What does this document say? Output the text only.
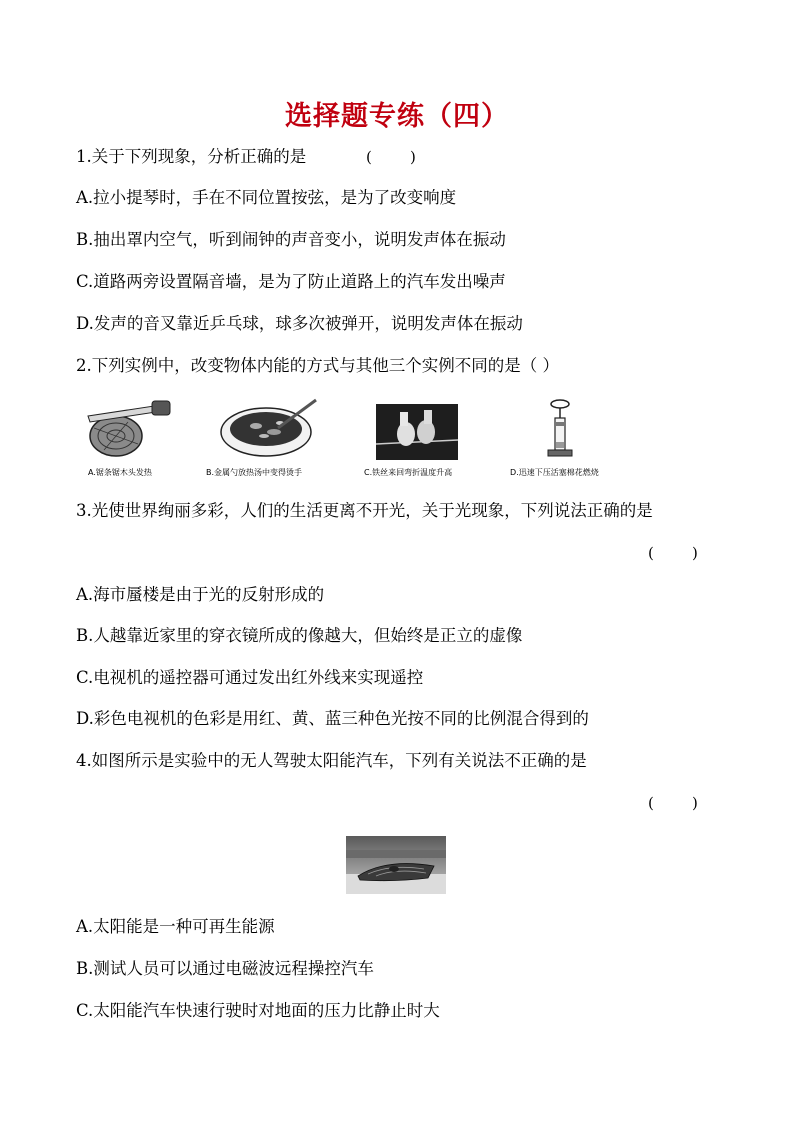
选择题专练（四）
1.关于下列现象，分析正确的是	(        )
A.拉小提琴时，手在不同位置按弦，是为了改变响度
B.抽出罩内空气，听到闹钟的声音变小，说明发声体在振动
C.道路两旁设置隔音墙，是为了防止道路上的汽车发出噪声
D.发声的音叉靠近乒乓球，球多次被弹开，说明发声体在振动
2.下列实例中，改变物体内能的方式与其他三个实例不同的是（ ）
A.锯条锯木头发热	B.金属勺放热汤中变得烫手	C.铁丝来回弯折温度升高	D.迅速下压活塞棉花燃烧
3.光使世界绚丽多彩，人们的生活更离不开光，关于光现象，下列说法正确的是
(        )
A.海市蜃楼是由于光的反射形成的
B.人越靠近家里的穿衣镜所成的像越大，但始终是正立的虚像
C.电视机的遥控器可通过发出红外线来实现遥控
D.彩色电视机的色彩是用红、黄、蓝三种色光按不同的比例混合得到的
4.如图所示是实验中的无人驾驶太阳能汽车，下列有关说法不正确的是
(        )
A.太阳能是一种可再生能源
B.测试人员可以通过电磁波远程操控汽车
C.太阳能汽车快速行驶时对地面的压力比静止时大
